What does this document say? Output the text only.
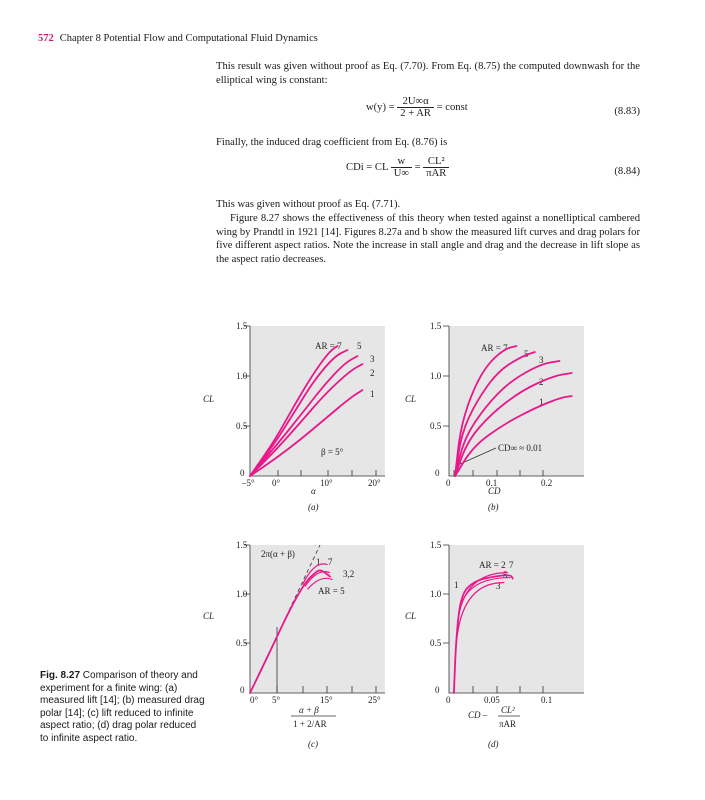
572 Chapter 8 Potential Flow and Computational Fluid Dynamics

This result was given without proof as Eq. (7.70). From Eq. (8.75) the computed downwash for the elliptical wing is constant:

$w(y) = \frac{2U\infty\alpha}{2 + AR}$ = const	(8.83)

Finally, the induced drag coefficient from Eq. (8.76) is

CDi = CL $\frac{w}{U\infty} = \frac{\text{CL²}}{\text{πAR}}$	(8.84)

This was given without proof as Eq. (7.71).

Figure 8.27 shows the effectiveness of this theory when tested against a nonelliptical cambered wing by Prandtl in 1921 [14]. Figures 8.27a and b show the measured lift curves and drag polars for five different aspect ratios. Note the increase in stall angle and drag and the decrease in lift slope as the aspect ratio decreases.

1.5
1.0
0.5
0
–5° 0°	10°	20°
CL
α
(a)
AR = 7 5
3
2
1
β = 5°
1.5
1.0
0.5
0
0	0.1	0.2
CL
CD
(b)
AR = 7
5
3
2
1
CD∞ ≈ 0.01
1.5
1.0
0.5
0
0° 5°	15°	25°
CL
α + β
1 + 2/AR
(c)
2π(α + β)
1 7
3,2
AR = 5
1.5
1.0
0.5
0
0	0.05	0.1
CL
CD – CL²
πAR
(d)
AR = 2 7
1
5
3
Fig. 8.27 Comparison of theory and experiment for a finite wing: (a) measured lift [14]; (b) measured drag polar [14]; (c) lift reduced to infinite aspect ratio; (d) drag polar reduced to infinite aspect ratio.
